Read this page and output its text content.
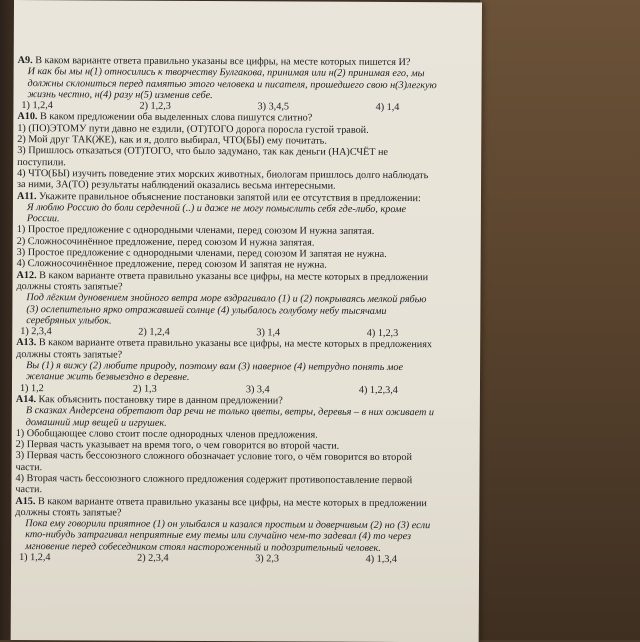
А9. В каком варианте ответа правильно указаны все цифры, на месте которых пишется И?

И как бы мы н(1) относились к творчеству Булгакова, принимая или н(2) принимая его, мы должны склониться перед памятью этого человека и писателя, прошедшего свою н(3)легкую жизнь честно, н(4) разу н(5) изменив себе.

1) 1,2,4	2) 1,2,3	3) 3,4,5	4) 1,4

А10. В каком предложении оба выделенных слова пишутся слитно?

1) (ПО)ЭТОМУ пути давно не ездили, (ОТ)ТОГО дорога поросла густой травой.

2) Мой друг ТАК(ЖЕ), как и я, долго выбирал, ЧТО(БЫ) ему почитать.

3) Пришлось отказаться (ОТ)ТОГО, что было задумано, так как деньги (НА)СЧЁТ не поступили.

4) ЧТО(БЫ) изучить поведение этих морских животных, биологам пришлось долго наблюдать за ними, ЗА(ТО) результаты наблюдений оказались весьма интересными.

А11. Укажите правильное объяснение постановки запятой или ее отсутствия в предложении:

Я люблю Россию до боли сердечной (..) и даже не могу помыслить себя где-либо, кроме России.

1) Простое предложение с однородными членами, перед союзом И нужна запятая.

2) Сложносочинённое предложение, перед союзом И нужна запятая.

3) Простое предложение с однородными членами, перед союзом И запятая не нужна.

4) Сложносочинённое предложение, перед союзом И запятая не нужна.

А12. В каком варианте ответа правильно указаны все цифры, на месте которых в предложении должны стоять запятые?

Под лёгким дуновением знойного ветра море вздрагивало (1) и (2) покрываясь мелкой рябью (3) ослепительно ярко отражавшей солнце (4) улыбалось голубому небу тысячами серебряных улыбок.

1) 2,3,4	2) 1,2,4	3) 1,4	4) 1,2,3

А13. В каком варианте ответа правильно указаны все цифры, на месте которых в предложениях должны стоять запятые?

Вы (1) я вижу (2) любите природу, поэтому вам (3) наверное (4) нетрудно понять мое желание жить безвыездно в деревне.

1) 1,2	2) 1,3	3) 3,4	4) 1,2,3,4

А14. Как объяснить постановку тире в данном предложении?

В сказках Андерсена обретают дар речи не только цветы, ветры, деревья – в них оживает и домашний мир вещей и игрушек.

1) Обобщающее слово стоит после однородных членов предложения.

2) Первая часть указывает на время того, о чем говорится во второй части.

3) Первая часть бессоюзного сложного обозначает условие того, о чём говорится во второй части.

4) Вторая часть бессоюзного сложного предложения содержит противопоставление первой части.

А15. В каком варианте ответа правильно указаны все цифры, на месте которых в предложении должны стоять запятые?

Пока ему говорили приятное (1) он улыбался и казался простым и доверчивым (2) но (3) если кто-нибудь затрагивал неприятные ему темы или случайно чем-то задевал (4) то через мгновение перед собеседником стоял настороженный и подозрительный человек.

1) 1,2,4	2) 2,3,4	3) 2,3	4) 1,3,4
